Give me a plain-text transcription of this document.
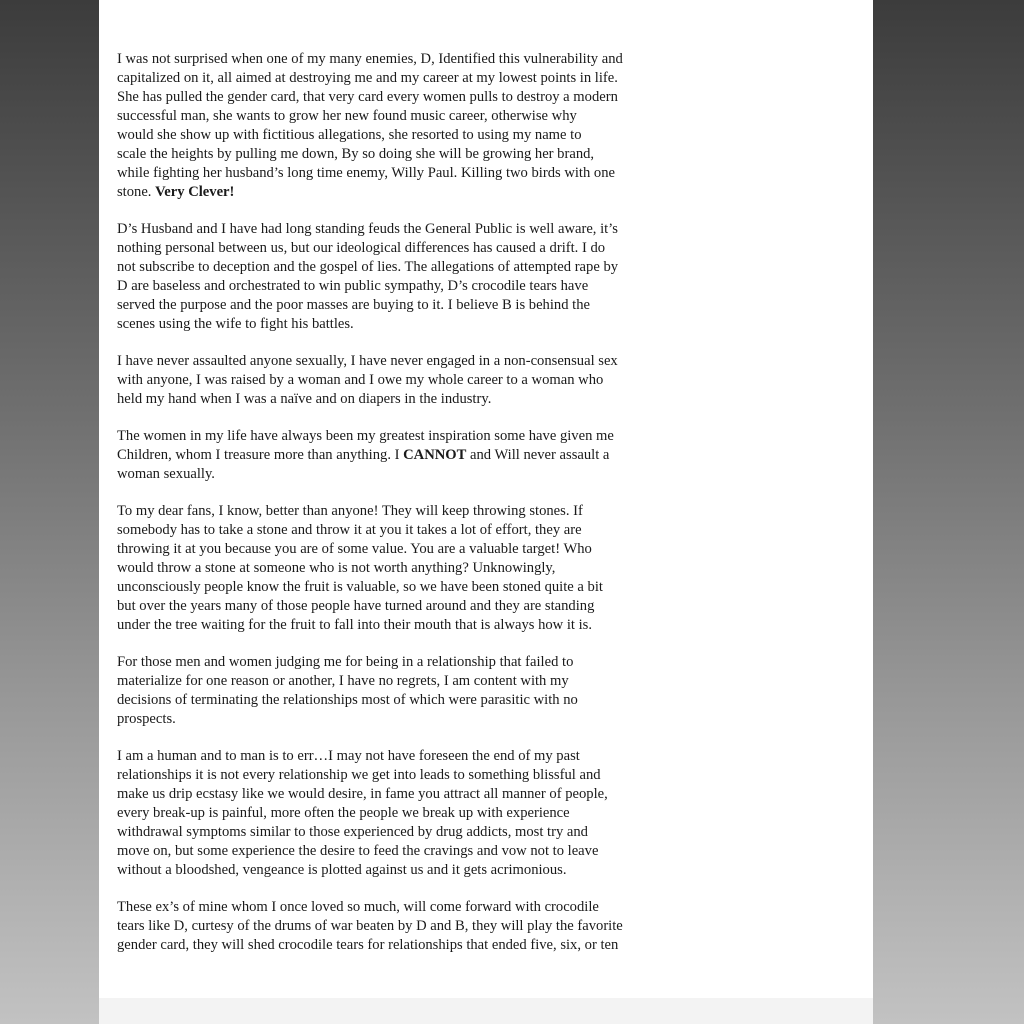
I was not surprised when one of my many enemies, D, Identified this vulnerability and
capitalized on it, all aimed at destroying me and my career at my lowest points in life.
She has pulled the gender card, that very card every women pulls to destroy a modern
successful man, she wants to grow her new found music career, otherwise why
would she show up with fictitious allegations, she resorted to using my name to
scale the heights by pulling me down, By so doing she will be growing her brand,
while fighting her husband’s long time enemy, Willy Paul. Killing two birds with one
stone. Very Clever!
D’s Husband and I have had long standing feuds the General Public is well aware, it’s
nothing personal between us, but our ideological differences has caused a drift. I do
not subscribe to deception and the gospel of lies. The allegations of attempted rape by
D are baseless and orchestrated to win public sympathy, D’s crocodile tears have
served the purpose and the poor masses are buying to it. I believe B is behind the
scenes using the wife to fight his battles.
I have never assaulted anyone sexually, I have never engaged in a non-consensual sex
with anyone, I was raised by a woman and I owe my whole career to a woman who
held my hand when I was a naïve and on diapers in the industry.
The women in my life have always been my greatest inspiration some have given me
Children, whom I treasure more than anything. I CANNOT and Will never assault a
woman sexually.
To my dear fans, I know, better than anyone! They will keep throwing stones. If
somebody has to take a stone and throw it at you it takes a lot of effort, they are
throwing it at you because you are of some value. You are a valuable target! Who
would throw a stone at someone who is not worth anything? Unknowingly,
unconsciously people know the fruit is valuable, so we have been stoned quite a bit
but over the years many of those people have turned around and they are standing
under the tree waiting for the fruit to fall into their mouth that is always how it is.
For those men and women judging me for being in a relationship that failed to
materialize for one reason or another, I have no regrets, I am content with my
decisions of terminating the relationships most of which were parasitic with no
prospects.
I am a human and to man is to err…I may not have foreseen the end of my past
relationships it is not every relationship we get into leads to something blissful and
make us drip ecstasy like we would desire, in fame you attract all manner of people,
every break-up is painful, more often the people we break up with experience
withdrawal symptoms similar to those experienced by drug addicts, most try and
move on, but some experience the desire to feed the cravings and vow not to leave
without a bloodshed, vengeance is plotted against us and it gets acrimonious.
These ex’s of mine whom I once loved so much, will come forward with crocodile
tears like D, curtesy of the drums of war beaten by D and B, they will play the favorite
gender card, they will shed crocodile tears for relationships that ended five, six, or ten
